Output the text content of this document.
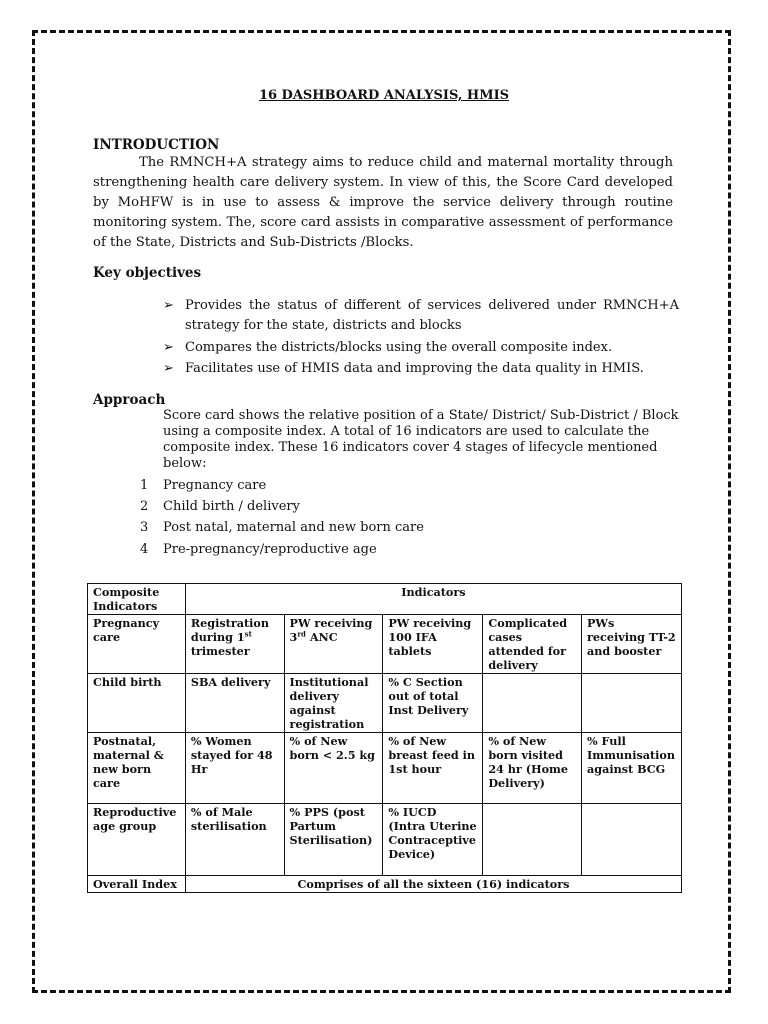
16 DASHBOARD ANALYSIS, HMIS
INTRODUCTION

The RMNCH+A strategy aims to reduce child and maternal mortality through strengthening health care delivery system. In view of this, the Score Card developed by MoHFW is in use to assess & improve the service delivery through routine monitoring system. The, score card assists in comparative assessment of performance of the State, Districts and Sub-Districts /Blocks.

Key objectives
➢ Provides the status of different of services delivered under RMNCH+A strategy for the state, districts and blocks
➢ Compares the districts/blocks using the overall composite index.
➢ Facilitates use of HMIS data and improving the data quality in HMIS.
Approach

Score card shows the relative position of a State/ District/ Sub-District / Block using a composite index. A total of 16 indicators are used to calculate the composite index. These 16 indicators cover 4 stages of lifecycle mentioned below:

1 Pregnancy care
2 Child birth / delivery
3 Post natal, maternal and new born care
4 Pre-pregnancy/reproductive age
Composite Indicators	Indicators				
Pregnancy care	Registration during 1st trimester	PW receiving 3rd ANC	PW receiving 100 IFA tablets	Complicated cases attended for delivery	PWs receiving TT-2 and booster
Child birth	SBA delivery	Institutional delivery against registration	% C Section out of total Inst Delivery		
Postnatal, maternal & new born care	% Women stayed for 48 Hr	% of New born < 2.5 kg	% of New breast feed in 1st hour	% of New born visited 24 hr (Home Delivery)	% Full Immunisation against BCG
Reproductive age group	% of Male sterilisation	% PPS (post Partum Sterilisation)	% IUCD (Intra Uterine Contraceptive Device)		
Overall Index	Comprises of all the sixteen (16) indicators				
